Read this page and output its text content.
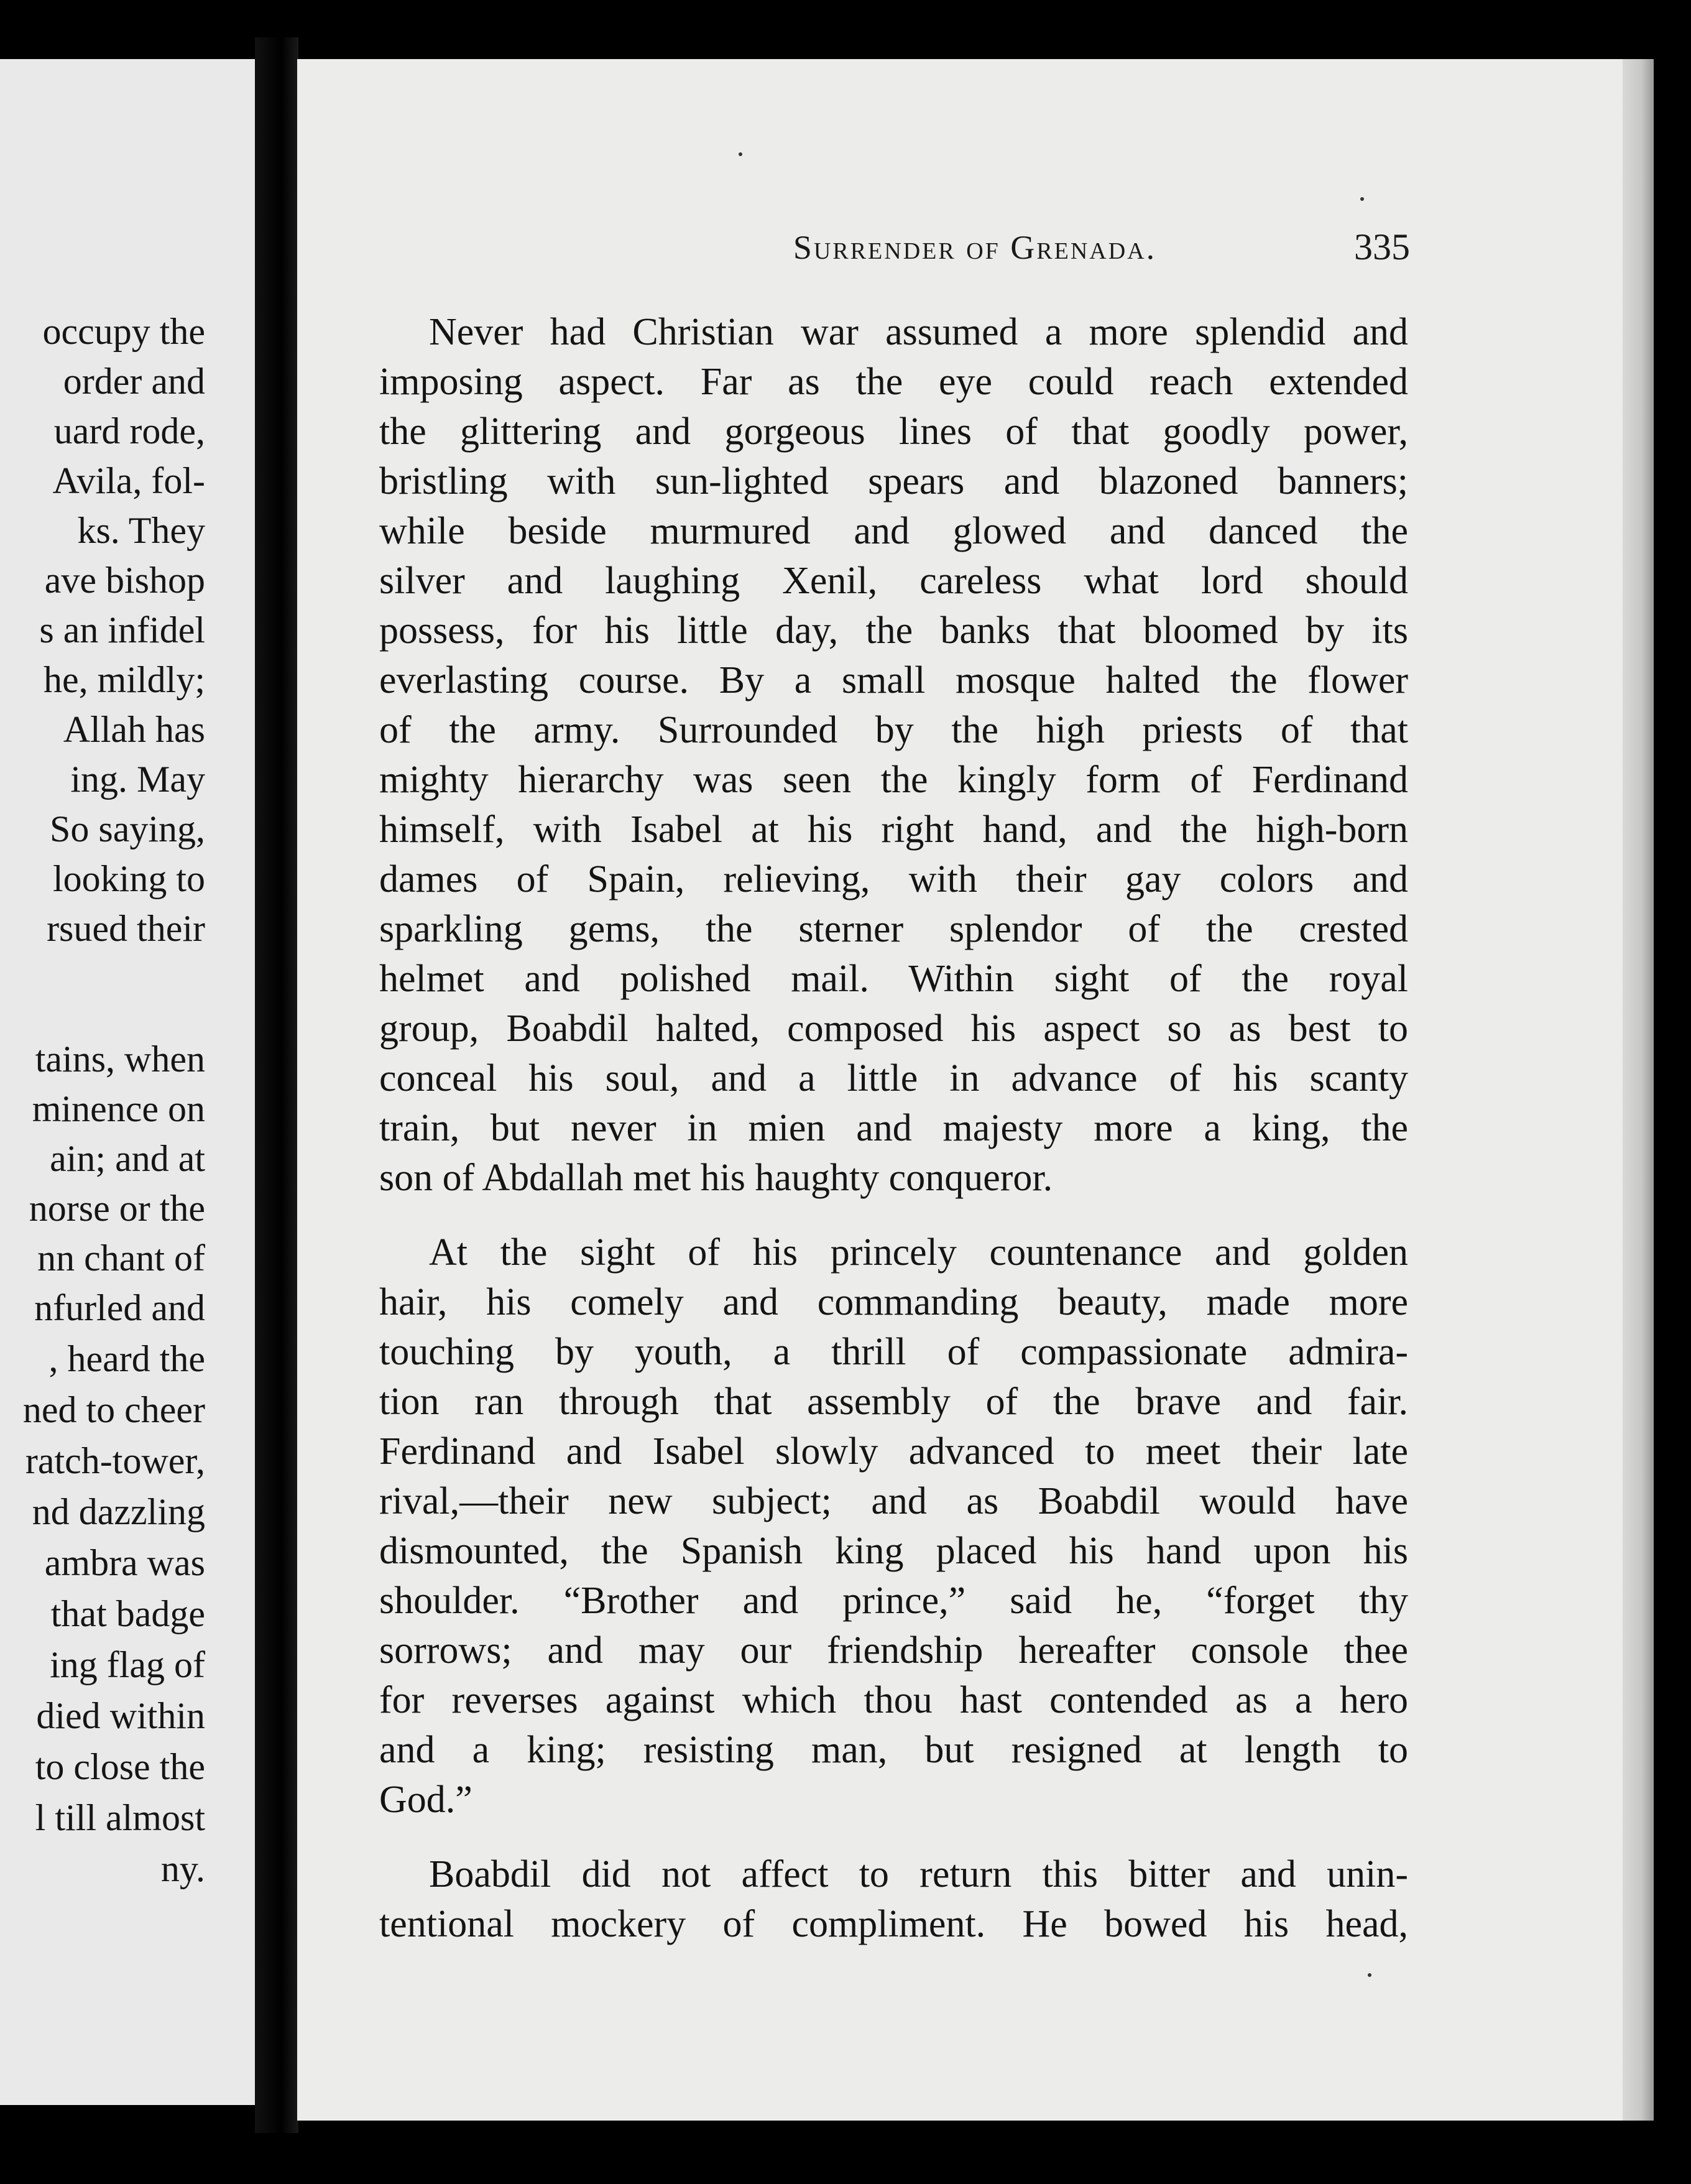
occupy the
order and
uard rode,
Avila, fol-
ks. They
ave bishop
s an infidel
he, mildly;
Allah has
ing. May
So saying,
looking to
rsued their
tains, when
minence on
ain; and at
norse or the
nn chant of
nfurled and
, heard the
ned to cheer
ratch-tower,
nd dazzling
ambra was
that badge
ing flag of
died within
to close the
l till almost
ny.
Surrender of Grenada.	335
Never had Christian war assumed a more splendid and
imposing aspect. Far as the eye could reach extended
the glittering and gorgeous lines of that goodly power,
bristling with sun-lighted spears and blazoned banners;
while beside murmured and glowed and danced the
silver and laughing Xenil, careless what lord should
possess, for his little day, the banks that bloomed by its
everlasting course. By a small mosque halted the flower
of the army. Surrounded by the high priests of that
mighty hierarchy was seen the kingly form of Ferdinand
himself, with Isabel at his right hand, and the high-born
dames of Spain, relieving, with their gay colors and
sparkling gems, the sterner splendor of the crested
helmet and polished mail. Within sight of the royal
group, Boabdil halted, composed his aspect so as best to
conceal his soul, and a little in advance of his scanty
train, but never in mien and majesty more a king, the
son of Abdallah met his haughty conqueror.
At the sight of his princely countenance and golden
hair, his comely and commanding beauty, made more
touching by youth, a thrill of compassionate admira-
tion ran through that assembly of the brave and fair.
Ferdinand and Isabel slowly advanced to meet their late
rival,—their new subject; and as Boabdil would have
dismounted, the Spanish king placed his hand upon his
shoulder. “Brother and prince,” said he, “forget thy
sorrows; and may our friendship hereafter console thee
for reverses against which thou hast contended as a hero
and a king; resisting man, but resigned at length to
God.”
Boabdil did not affect to return this bitter and unin-
tentional mockery of compliment. He bowed his head,
